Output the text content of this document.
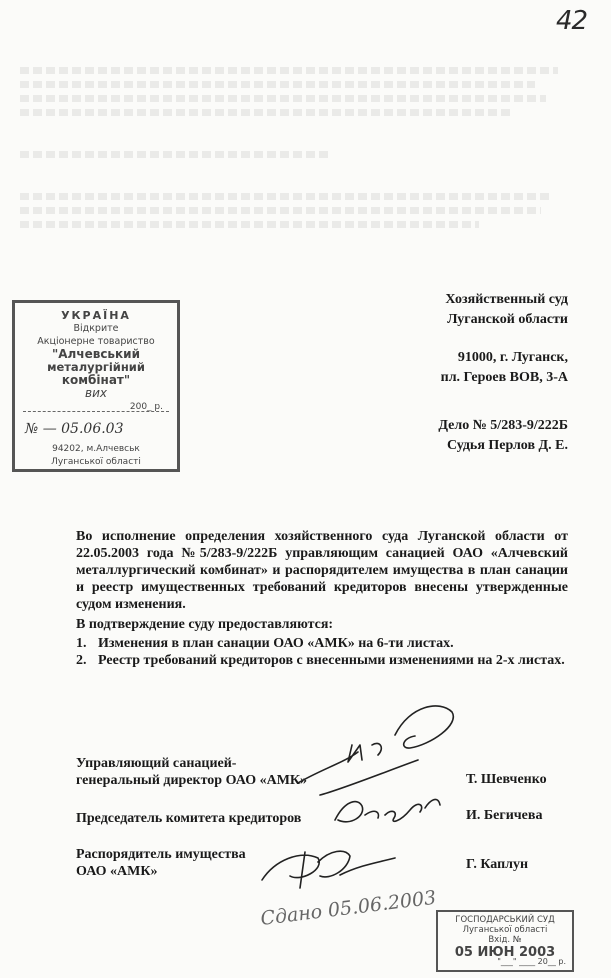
42

Хозяйственный суд

Луганской области

91000, г. Луганск,

пл. Героев ВОВ, 3-А

Дело № 5/283-9/222Б

Судья Перлов Д. Е.

УКРАЇНА
Відкрите
Акціонерне товариство
"Алчевський
металургійний
комбінат"
вих
200_ р.
№ — 05.06.03
94202, м.Алчевськ
Луганської області

Во исполнение определения хозяйственного суда Луганской области от 22.05.2003 года №5/283-9/222Б управляющим санацией ОАО «Алчевский металлургический комбинат» и распорядителем имущества в план санации и реестр имущественных требований кредиторов внесены утвержденные судом изменения.

В подтверждение суду предоставляются:
1. Изменения в план санации ОАО «АМК» на 6-ти листах.
2. Реестр требований кредиторов с внесенными изменениями на 2-х листах.
Управляющий санацией-
генеральный директор ОАО «АМК»	Т. Шевченко
Председатель комитета кредиторов	И. Бегичева
Распорядитель имущества
ОАО «АМК»	Г. Каплун
Сдано 05.06.2003	ГОСПОДАРСЬКИЙ СУД
Луганської області
Вхід. №
05 ИЮН 2003
"___" ____ 20__ р.
